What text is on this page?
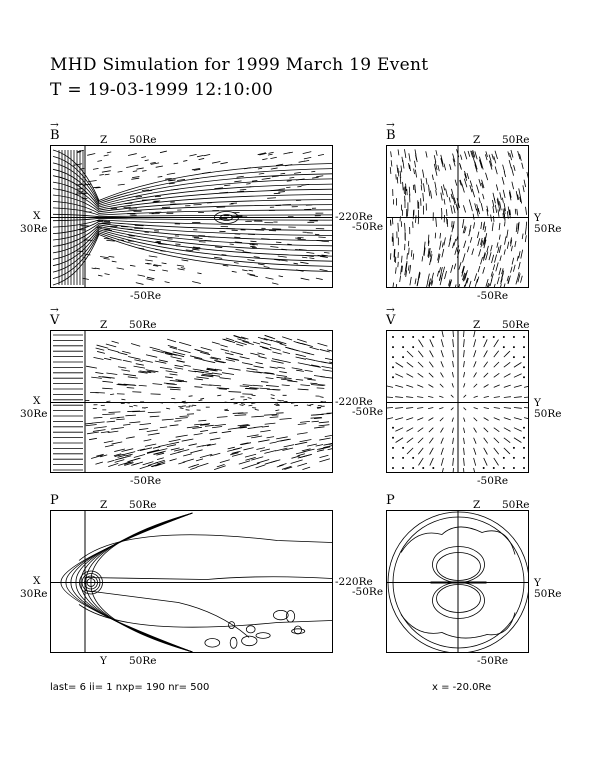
MHD Simulation for 1999 March 19 Event
T = 19-03-1999 12:10:00
B
→
Z 50Re
X
30Re
-220Re
-50Re
B
→
Z 50Re
-50Re
Y
50Re
-50Re
V
→
Z 50Re
X
30Re
-220Re
-50Re
V
→
Z 50Re
-50Re
Y
50Re
-50Re
P	Z 50Re
X
30Re
-220Re
Y 50Re
P	Z 50Re
-50Re
Y
50Re
-50Re
last= 6 ii= 1 nxp= 190 nr= 500	x = -20.0Re
